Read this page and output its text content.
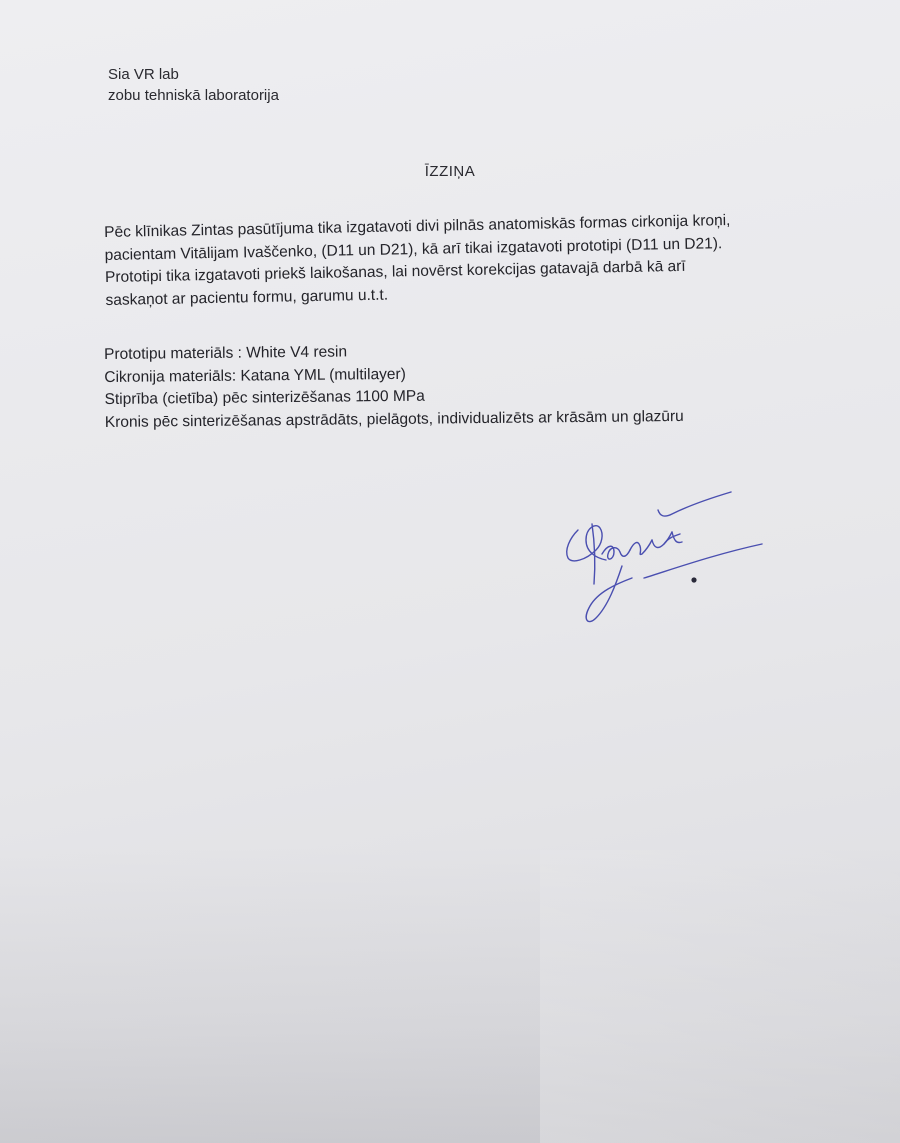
Sia VR lab
zobu tehniskā laboratorija
ĪZZIŅA

Pēc klīnikas Zintas pasūtījuma tika izgatavoti divi pilnās anatomiskās formas cirkonija kroņi,
pacientam Vitālijam Ivaščenko, (D11 un D21), kā arī tikai izgatavoti prototipi (D11 un D21).
Prototipi tika izgatavoti priekš laikošanas, lai novērst korekcijas gatavajā darbā kā arī
saskaņot ar pacientu formu, garumu u.t.t.

Prototipu materiāls : White V4 resin
Cikronija materiāls: Katana YML (multilayer)
Stiprība (cietība) pēc sinterizēšanas 1100 MPa
Kronis pēc sinterizēšanas apstrādāts, pielāgots, individualizēts ar krāsām un glazūru
